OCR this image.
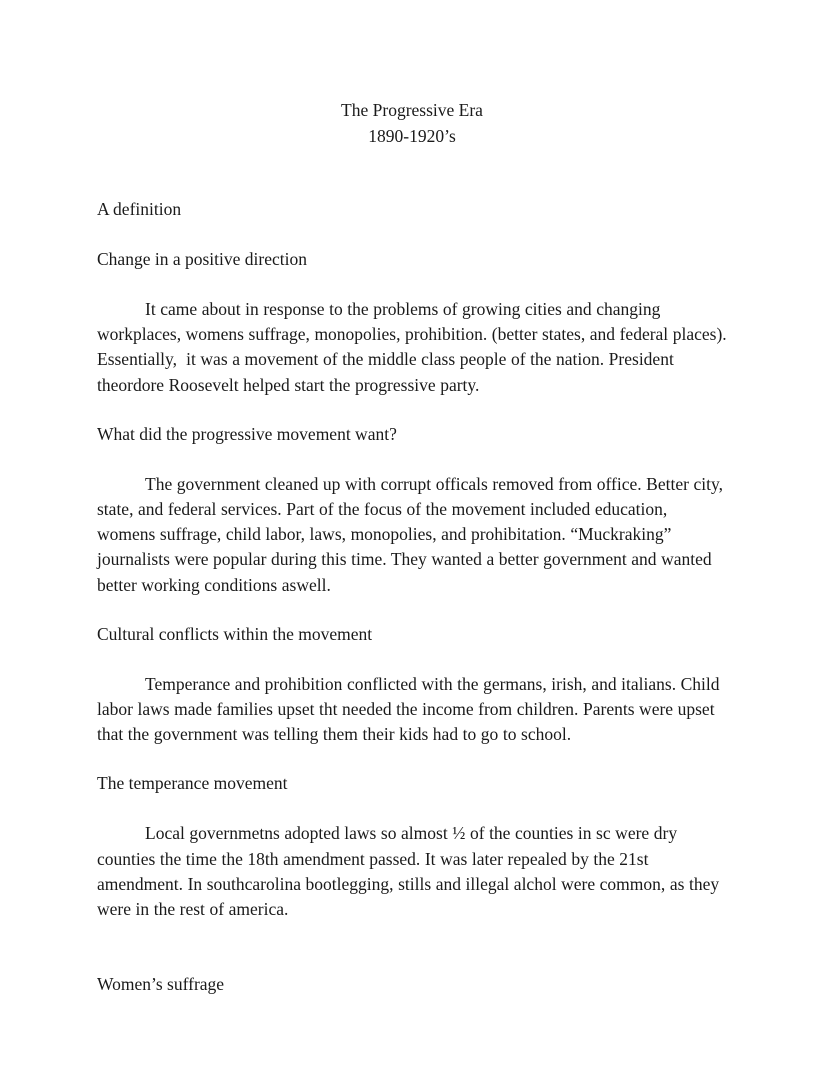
The Progressive Era
1890-1920’s
A definition
Change in a positive direction
It came about in response to the problems of growing cities and changing workplaces, womens suffrage, monopolies, prohibition. (better states, and federal places). Essentially,  it was a movement of the middle class people of the nation. President theordore Roosevelt helped start the progressive party.
What did the progressive movement want?
The government cleaned up with corrupt officals removed from office. Better city, state, and federal services. Part of the focus of the movement included education, womens suffrage, child labor, laws, monopolies, and prohibitation. “Muckraking” journalists were popular during this time. They wanted a better government and wanted better working conditions aswell.
Cultural conflicts within the movement
Temperance and prohibition conflicted with the germans, irish, and italians. Child labor laws made families upset tht needed the income from children. Parents were upset that the government was telling them their kids had to go to school.
The temperance movement
Local governmetns adopted laws so almost ½ of the counties in sc were dry counties the time the 18th amendment passed. It was later repealed by the 21st amendment. In southcarolina bootlegging, stills and illegal alchol were common, as they were in the rest of america.
Women’s suffrage
